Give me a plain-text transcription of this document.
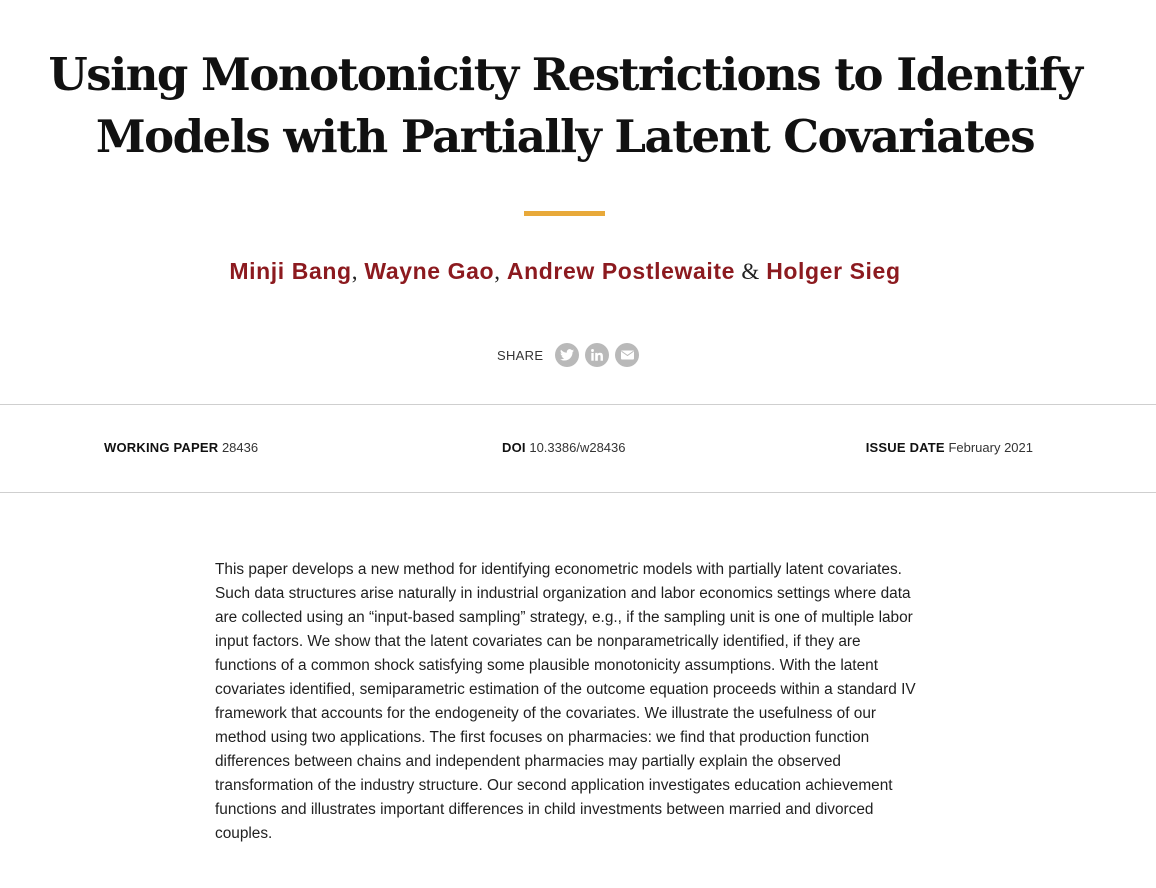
Using Monotonicity Restrictions to Identify
Models with Partially Latent Covariates
Minji Bang, Wayne Gao, Andrew Postlewaite & Holger Sieg
SHARE
WORKING PAPER 28436	DOI 10.3386/w28436	ISSUE DATE February 2021

This paper develops a new method for identifying econometric models with partially latent covariates. Such data structures arise naturally in industrial organization and labor economics settings where data are collected using an “input-based sampling” strategy, e.g., if the sampling unit is one of multiple labor input factors. We show that the latent covariates can be nonparametrically identified, if they are functions of a common shock satisfying some plausible monotonicity assumptions. With the latent covariates identified, semiparametric estimation of the outcome equation proceeds within a standard IV framework that accounts for the endogeneity of the covariates. We illustrate the usefulness of our method using two applications. The first focuses on pharmacies: we find that production function differences between chains and independent pharmacies may partially explain the observed transformation of the industry structure. Our second application investigates education achievement functions and illustrates important differences in child investments between married and divorced couples.
